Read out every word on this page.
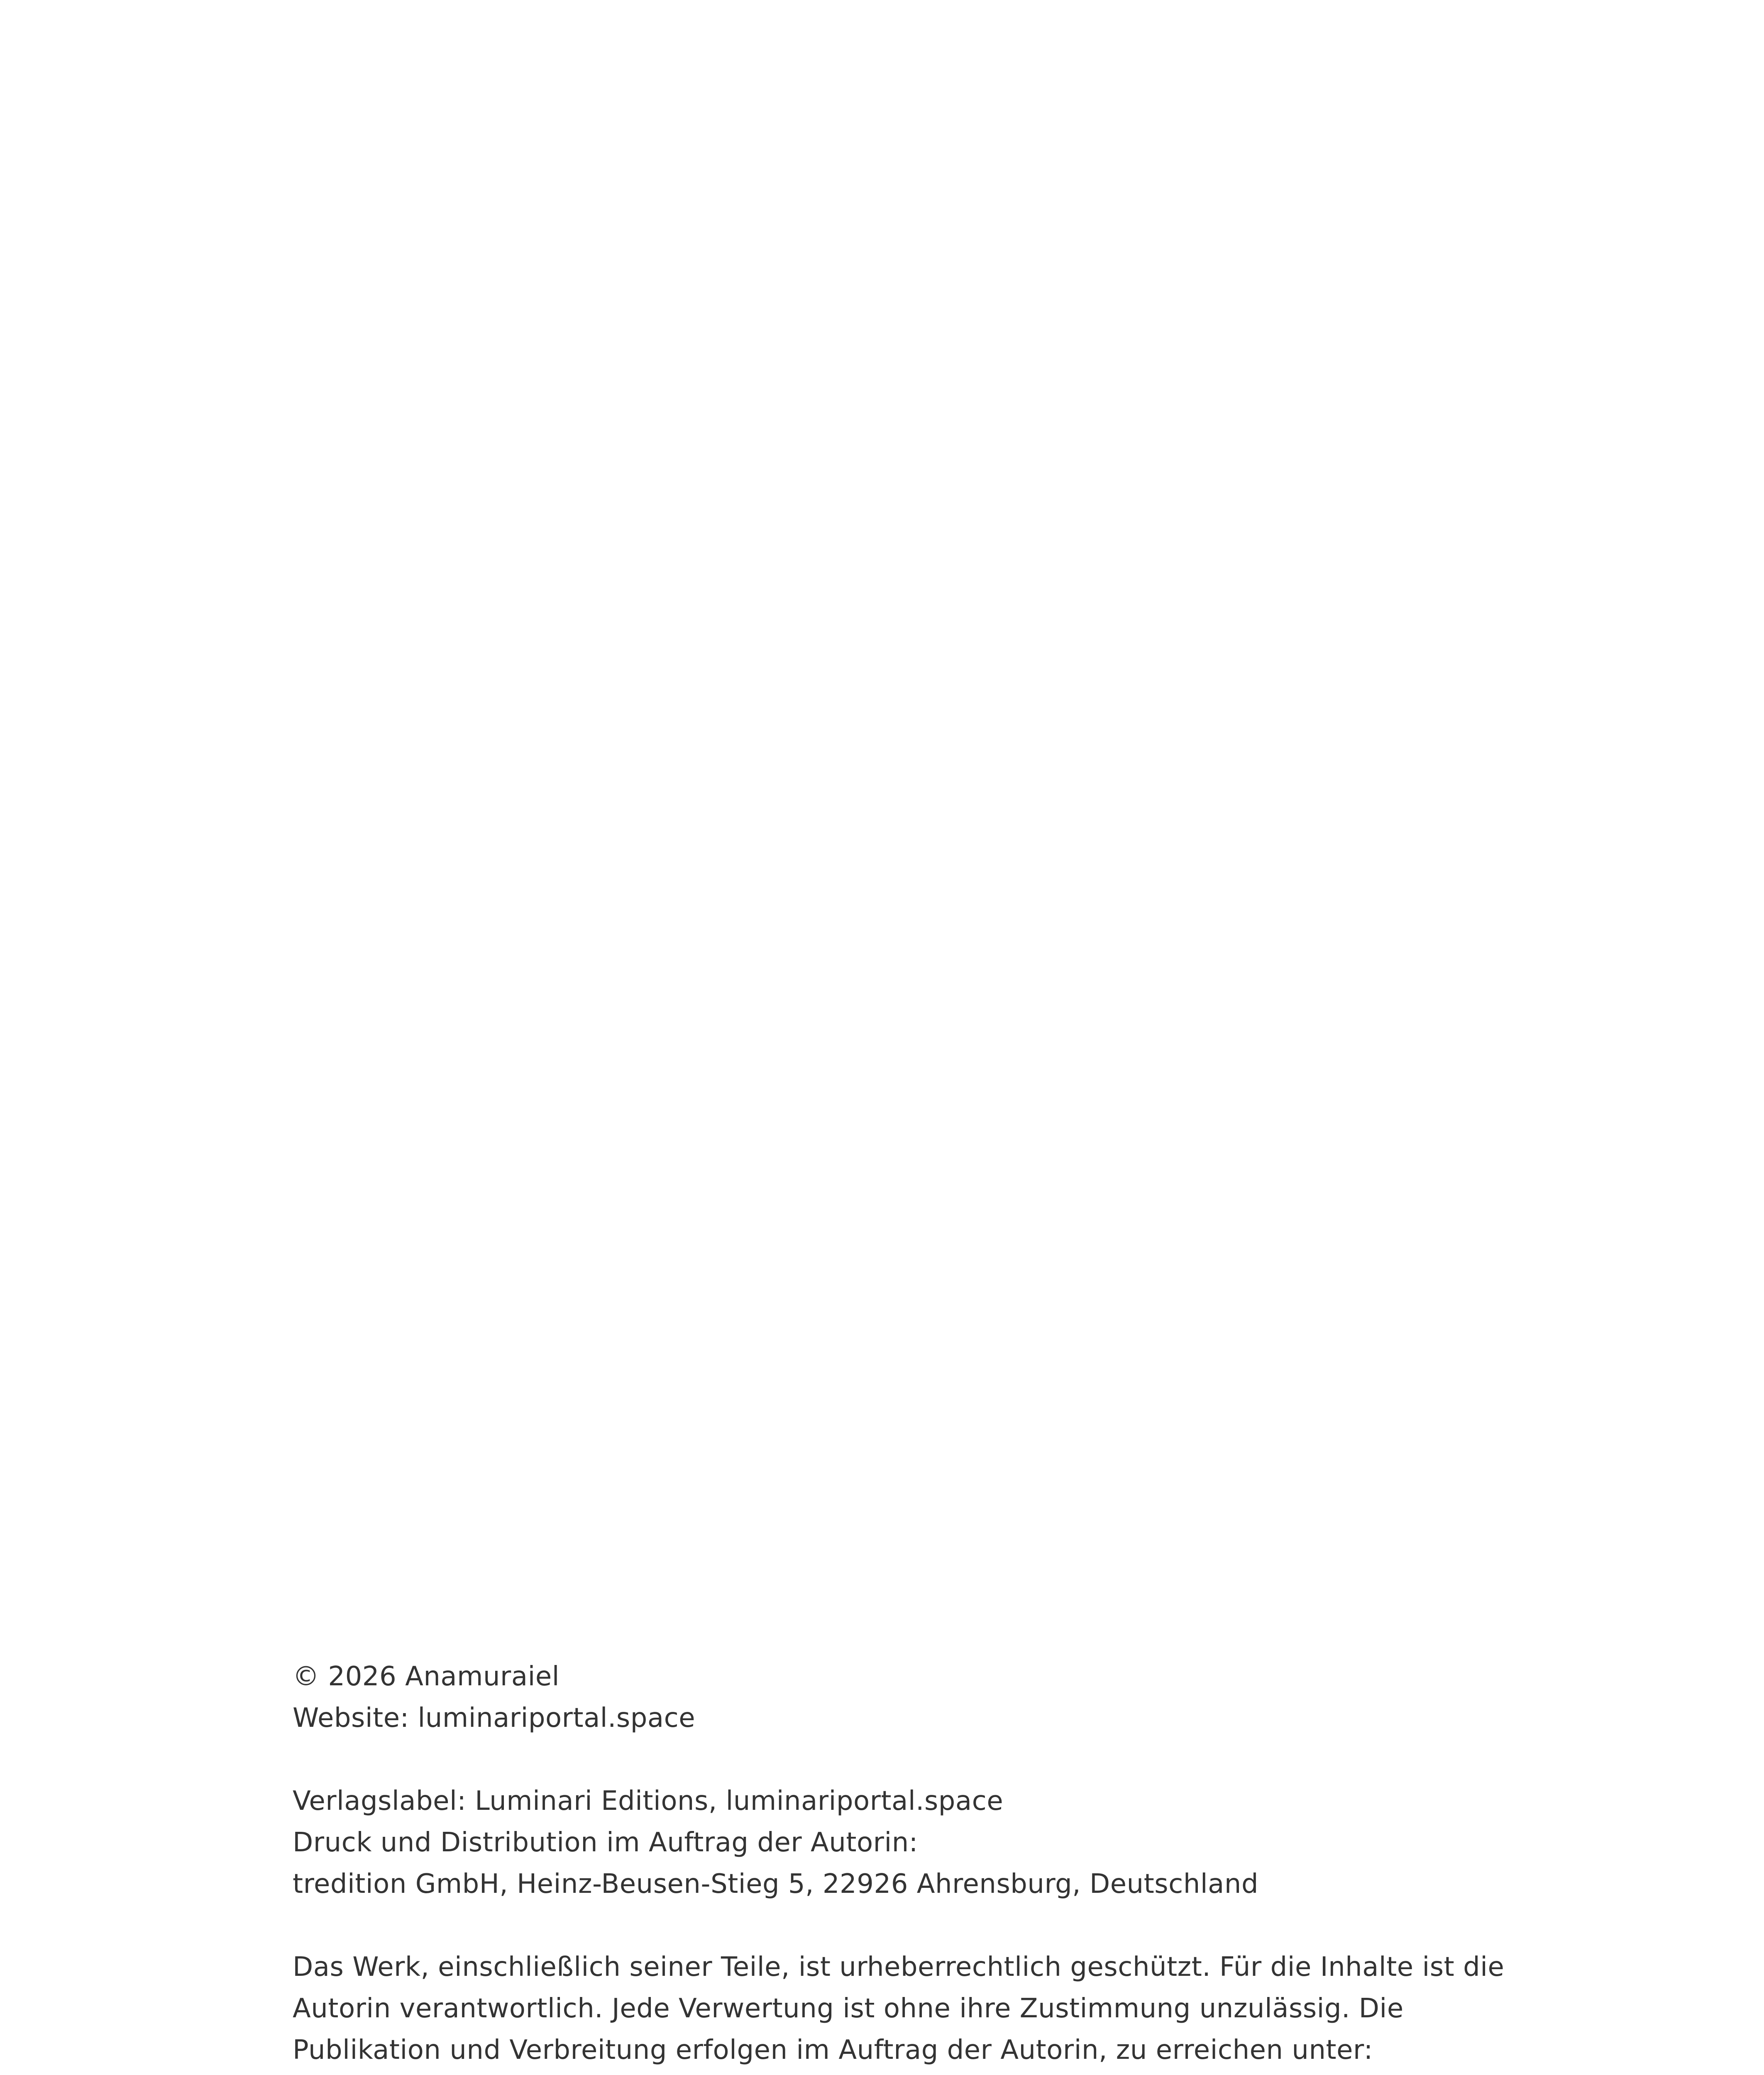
© 2026 Anamuraiel
Website: luminariportal.space
Verlagslabel: Luminari Editions, luminariportal.space
Druck und Distribution im Auftrag der Autorin:
tredition GmbH, Heinz-Beusen-Stieg 5, 22926 Ahrensburg, Deutschland
Das Werk, einschließlich seiner Teile, ist urheberrechtlich geschützt. Für die Inhalte ist die
Autorin verantwortlich. Jede Verwertung ist ohne ihre Zustimmung unzulässig. Die
Publikation und Verbreitung erfolgen im Auftrag der Autorin, zu erreichen unter:
